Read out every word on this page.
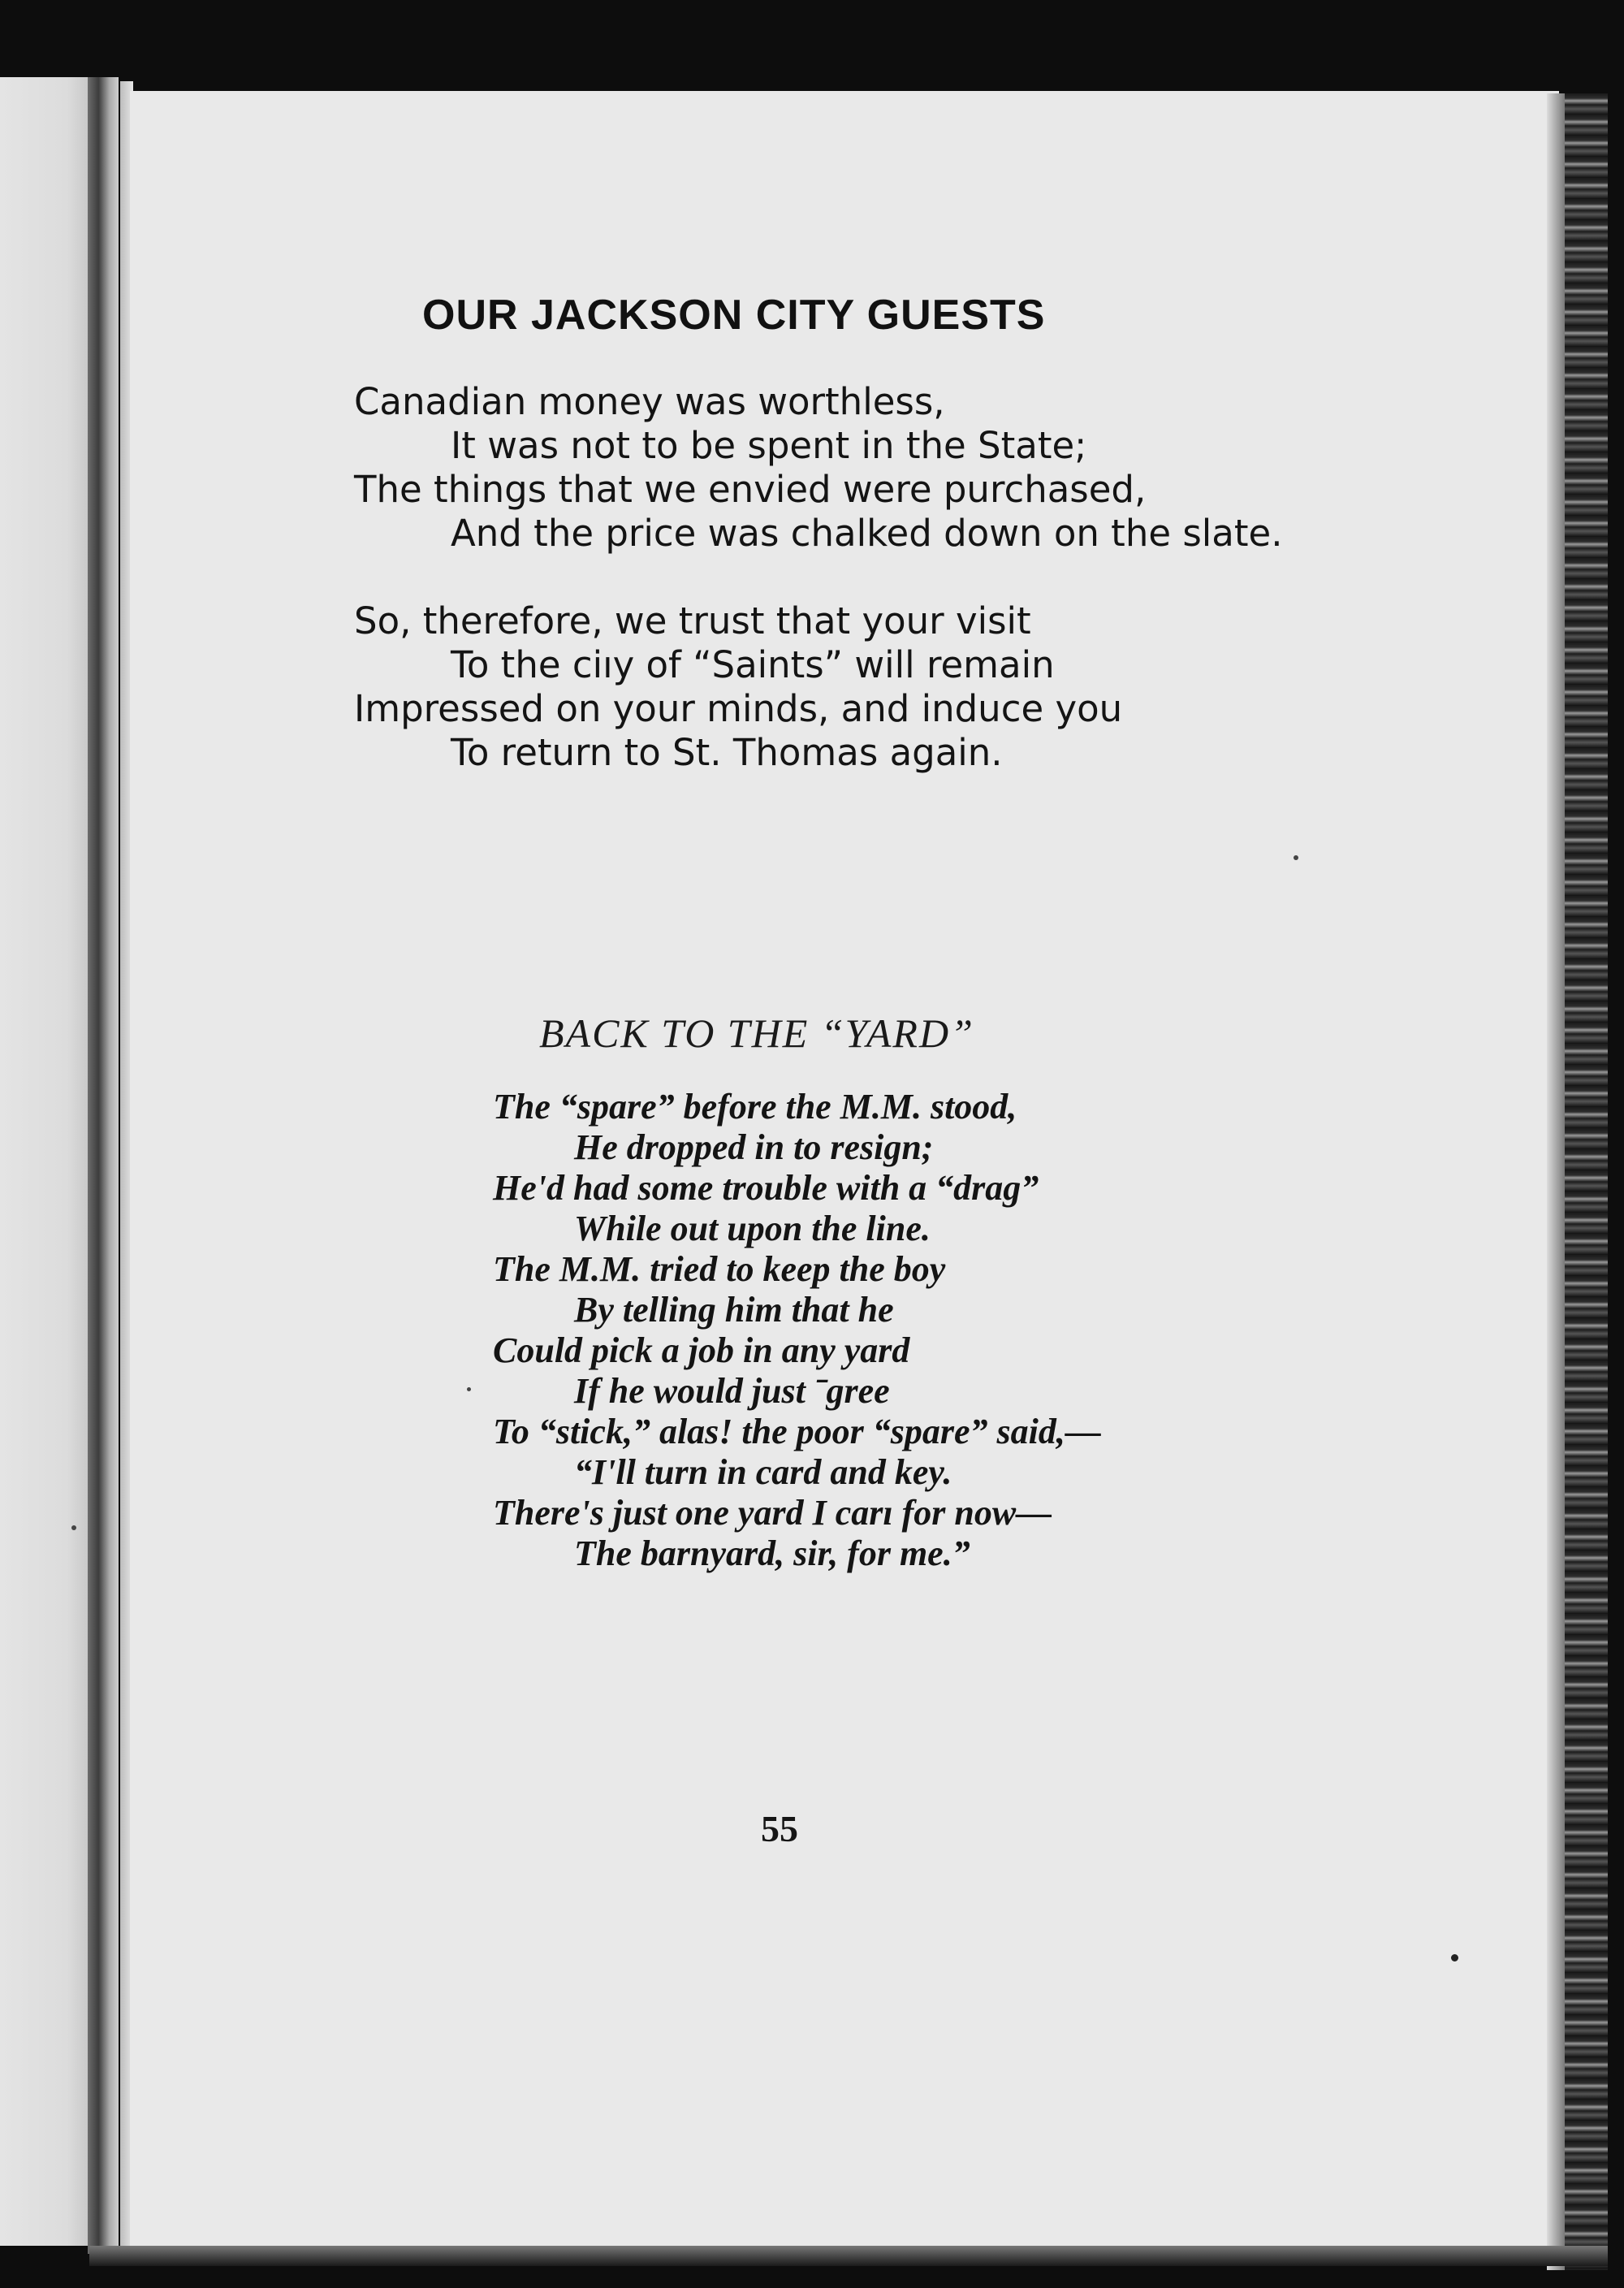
OUR JACKSON CITY GUESTS
Canadian money was worthless,
It was not to be spent in the State;
The things that we envied were purchased,
And the price was chalked down on the slate.
So, therefore, we trust that your visit
To the ciıy of “Saints” will remain
Impressed on your minds, and induce you
To return to St. Thomas again.
BACK TO THE “YARD”
The “spare” before the M.M. stood,
He dropped in to resign;
He'd had some trouble with a “drag”
While out upon the line.
The M.M. tried to keep the boy
By telling him that he
Could pick a job in any yard
If he would just ˉgree
To “stick,” alas! the poor “spare” said,—
“I'll turn in card and key.
There's just one yard I carı for now—
The barnyard, sir, for me.”
55
